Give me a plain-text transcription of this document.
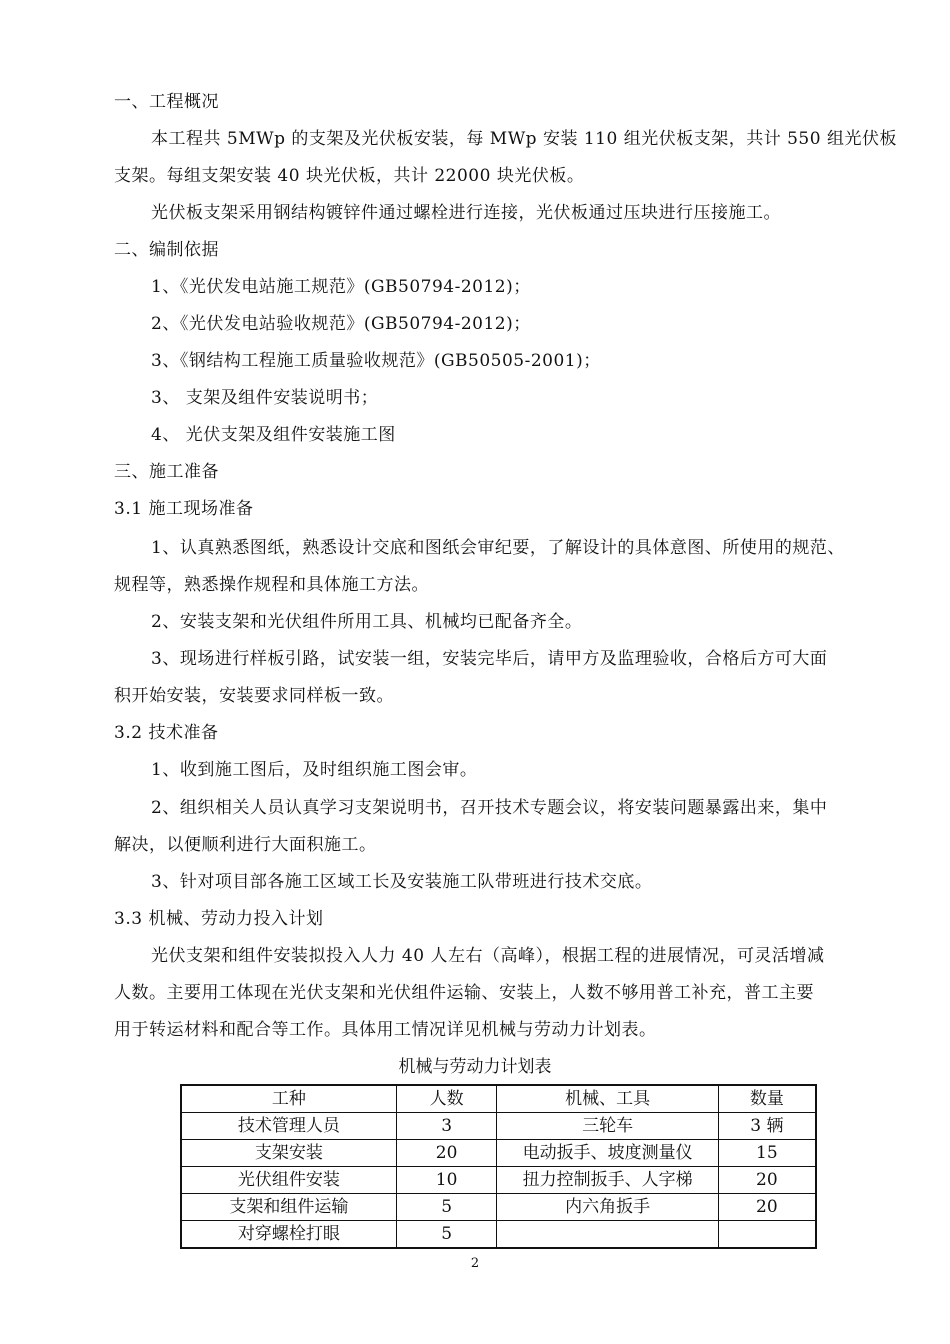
一、工程概况
本工程共 5MWp 的支架及光伏板安装，每 MWp 安装 110 组光伏板支架，共计 550 组光伏板
支架。每组支架安装 40 块光伏板，共计 22000 块光伏板。
光伏板支架采用钢结构镀锌件通过螺栓进行连接，光伏板通过压块进行压接施工。
二、编制依据
1、《光伏发电站施工规范》(GB50794-2012)；
2、《光伏发电站验收规范》(GB50794-2012)；
3、《钢结构工程施工质量验收规范》(GB50505-2001)；
3、 支架及组件安装说明书；
4、 光伏支架及组件安装施工图
三、施工准备
3.1 施工现场准备
1、认真熟悉图纸，熟悉设计交底和图纸会审纪要，了解设计的具体意图、所使用的规范、
规程等，熟悉操作规程和具体施工方法。
2、安装支架和光伏组件所用工具、机械均已配备齐全。
3、现场进行样板引路，试安装一组，安装完毕后，请甲方及监理验收，合格后方可大面
积开始安装，安装要求同样板一致。
3.2 技术准备
1、收到施工图后，及时组织施工图会审。
2、组织相关人员认真学习支架说明书，召开技术专题会议，将安装问题暴露出来，集中
解决，以便顺利进行大面积施工。
3、针对项目部各施工区域工长及安装施工队带班进行技术交底。
3.3 机械、劳动力投入计划
光伏支架和组件安装拟投入人力 40 人左右（高峰），根据工程的进展情况，可灵活增减
人数。主要用工体现在光伏支架和光伏组件运输、安装上，人数不够用普工补充，普工主要
用于转运材料和配合等工作。具体用工情况详见机械与劳动力计划表。
机械与劳动力计划表
工种	人数	机械、工具	数量
技术管理人员	3	三轮车	3 辆
支架安装	20	电动扳手、坡度测量仪	15
光伏组件安装	10	扭力控制扳手、人字梯	20
支架和组件运输	5	内六角扳手	20
对穿螺栓打眼	5		
2
